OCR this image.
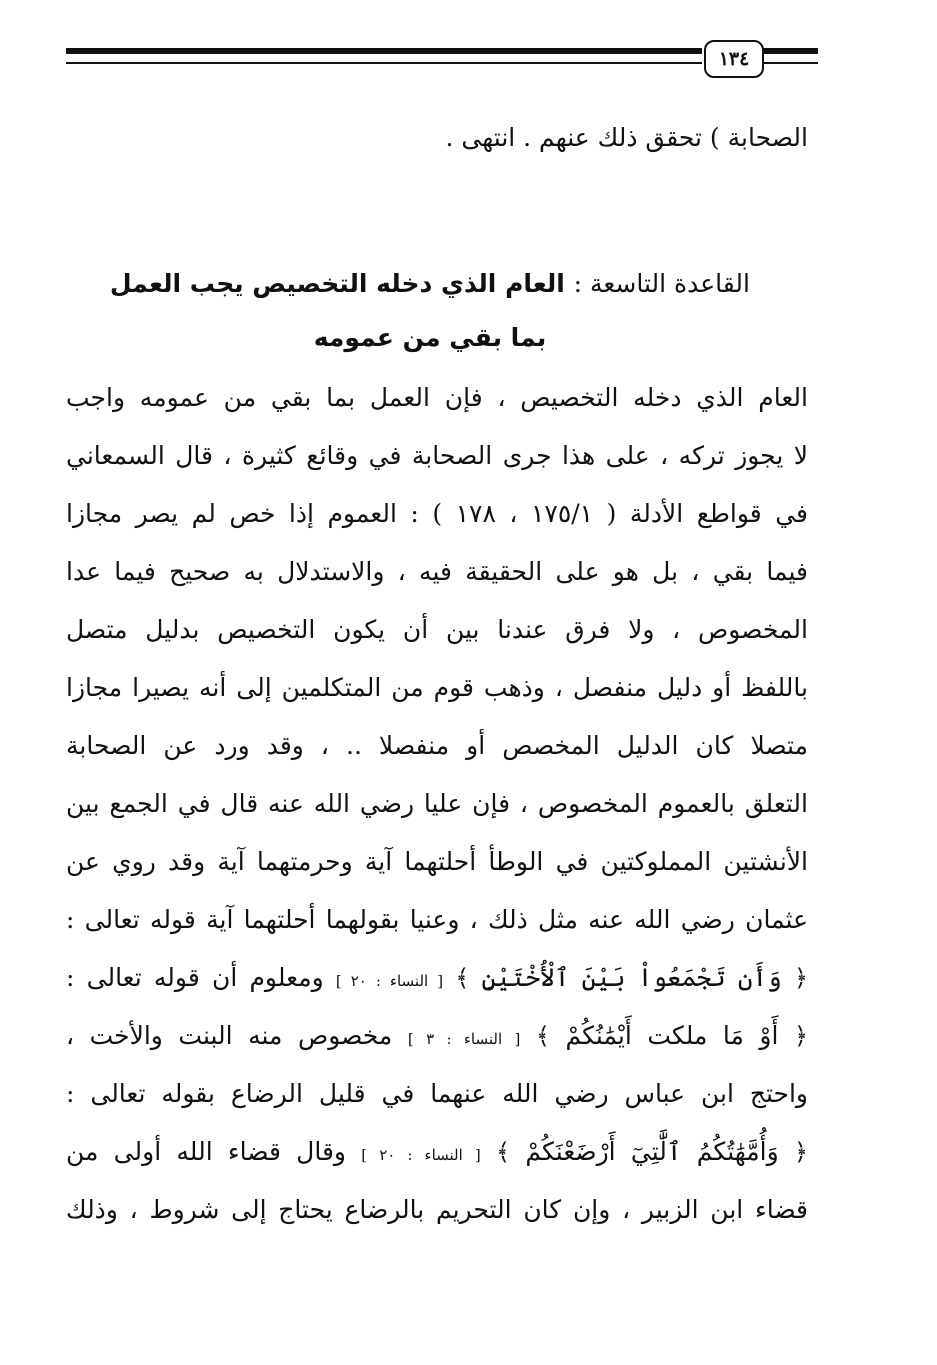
١٣٤
الصحابة ) تحقق ذلك عنهم . انتهى .
القاعدة التاسعة : العام الذي دخله التخصيص يجب العمل
بما بقي من عمومه
العام الذي دخله التخصيص ، فإن العمل بما بقي من عمومه واجب
لا يجوز تركه ، على هذا جرى الصحابة في وقائع كثيرة ، قال السمعاني
في قواطع الأدلة ( ١٧٥/١ ، ١٧٨ ) : العموم إذا خص لم يصر مجازا
فيما بقي ، بل هو على الحقيقة فيه ، والاستدلال به صحيح فيما عدا
المخصوص ، ولا فرق عندنا بين أن يكون التخصيص بدليل متصل
باللفظ أو دليل منفصل ، وذهب قوم من المتكلمين إلى أنه يصيرا مجازا
متصلا كان الدليل المخصص أو منفصلا .. ، وقد ورد عن الصحابة
التعلق بالعموم المخصوص ، فإن عليا رضي الله عنه قال في الجمع بين
الأنشتين المملوكتين في الوطأ أحلتهما آية وحرمتهما آية وقد روي عن
عثمان رضي الله عنه مثل ذلك ، وعنيا بقولهما أحلتهما آية قوله تعالى :
﴿ وَأَن تَجْمَعُواْ بَيْنَ ٱلْأُخْتَيْنِ ﴾ [ النساء : ٢٠ ] ومعلوم أن قوله تعالى :
﴿ أَوْ مَا ملكت أَيْمَٰنُكُمْ ﴾ [ النساء : ٣ ] مخصوص منه البنت والأخت ،
واحتج ابن عباس رضي الله عنهما في قليل الرضاع بقوله تعالى :
﴿ وَأُمَّهَٰتُكُمُ ٱلَّٰتِيٓ أَرْضَعْنَكُمْ ﴾ [ النساء : ٢٠ ] وقال قضاء الله أولى من
قضاء ابن الزبير ، وإن كان التحريم بالرضاع يحتاج إلى شروط ، وذلك
